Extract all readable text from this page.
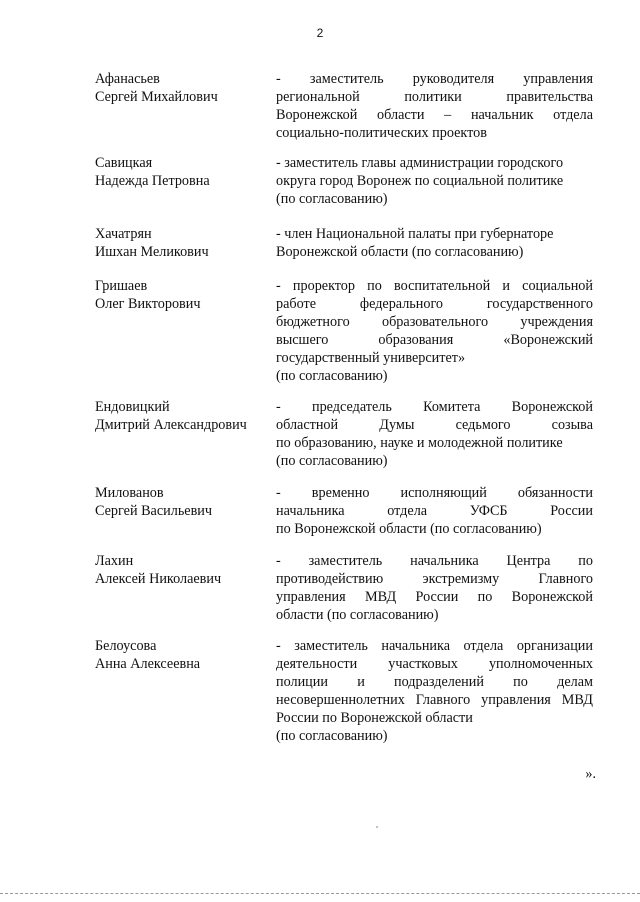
2
Афанасьев
Сергей Михайлович
- заместитель руководителя управления
региональной политики правительства
Воронежской области – начальник отдела
социально-политических проектов
Савицкая
Надежда Петровна
- заместитель главы администрации городского
округа город Воронеж по социальной политике
(по согласованию)
Хачатрян
Ишхан Меликович
- член Национальной палаты при губернаторе
Воронежской области (по согласованию)
Гришаев
Олег Викторович
- проректор по воспитательной и социальной
работе федерального государственного
бюджетного образовательного учреждения
высшего образования «Воронежский
государственный университет»
(по согласованию)
Ендовицкий
Дмитрий Александрович
- председатель Комитета Воронежской
областной Думы седьмого созыва
по образованию, науке и молодежной политике
(по согласованию)
Милованов
Сергей Васильевич
- временно исполняющий обязанности
начальника отдела УФСБ России
по Воронежской области (по согласованию)
Лахин
Алексей Николаевич
- заместитель начальника Центра по
противодействию экстремизму Главного
управления МВД России по Воронежской
области (по согласованию)
Белоусова
Анна Алексеевна
- заместитель начальника отдела организации
деятельности участковых уполномоченных
полиции и подразделений по делам
несовершеннолетних Главного управления МВД
России по Воронежской области
(по согласованию)
».
